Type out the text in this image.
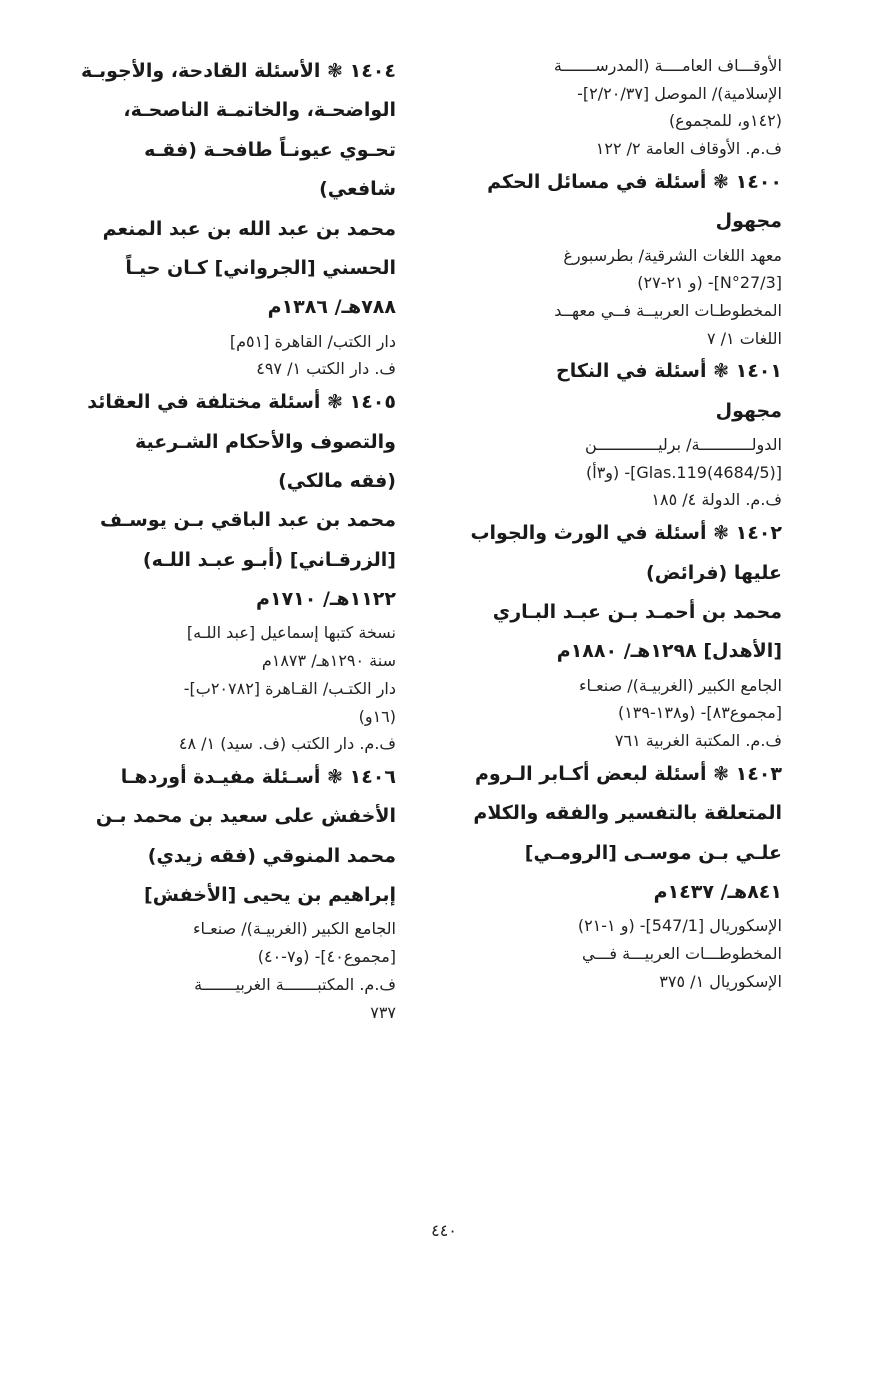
الأوقـــاف العامــــة (المدرســـــــة
الإسلامية)/ الموصل [٢/٢٠/٣٧]-
(١٤٢و، للمجموع)
ف.م. الأوقاف العامة ٢/ ١٢٢
١٤٠٠ ❃ أسئلة في مسائل الحكم
مجهول
معهد اللغات الشرقية/ بطرسبورغ
[N°27/3]- (و ٢١-٢٧)
المخطوطـات العربيــة فــي معهــد
اللغات ١/ ٧
١٤٠١ ❃ أسئلة في النكاح
مجهول
الدولـــــــــــة/ برليـــــــــــــن
[Glas.119(4684/5)]- (و٣أ)
ف.م. الدولة ٤/ ١٨٥
١٤٠٢ ❃ أسئلة في الورث والجواب
عليها (فرائض)
محمد بن أحمـد بـن عبـد البـاري
[الأهدل] ١٢٩٨هـ/ ١٨٨٠م
الجامع الكبير (الغربيـة)/ صنعـاء
[مجموع٨٣]- (و١٣٨-١٣٩)
ف.م. المكتبة الغربية ٧٦١
١٤٠٣ ❃ أسئلة لبعض أكـابر الـروم
المتعلقة بالتفسير والفقه والكلام
علـي بـن موسـى [الرومـي]
٨٤١هـ/ ١٤٣٧م
الإسكوريال [547/1]- (و ١-٢١)
المخطوطـــات العربيـــة فـــي
الإسكوريال ١/ ٣٧٥
١٤٠٤ ❃ الأسئلة القادحة، والأجوبـة
الواضحـة، والخاتمـة الناصحـة،
تحـوي عيونـاً طافحـة (فقـه
شافعي)
محمد بن عبد الله بن عبد المنعم
الحسني [الجرواني] كـان حيـاً
٧٨٨هـ/ ١٣٨٦م
دار الكتب/ القاهرة [٥١م]
ف. دار الكتب ١/ ٤٩٧
١٤٠٥ ❃ أسئلة مختلفة في العقائد
والتصوف والأحكام الشـرعية
(فقه مالكي)
محمد بن عبد الباقي بـن يوسـف
[الزرقـاني] (أبـو عبـد اللـه)
١١٢٢هـ/ ١٧١٠م
نسخة كتبها إسماعيل [عبد اللـه]
سنة ١٢٩٠هـ/ ١٨٧٣م
دار الكتـب/ القـاهرة [٢٠٧٨٢ب]-
(١٦و)
ف.م. دار الكتب (ف. سيد) ١/ ٤٨
١٤٠٦ ❃ أسـئلة مفيـدة أوردهـا
الأخفش على سعيد بن محمد بـن
محمد المنوقي (فقه زيدي)
إبراهيم بن يحيى [الأخفش]
الجامع الكبير (الغربيـة)/ صنعـاء
[مجموع٤٠]- (و٧-٤٠)
ف.م. المكتبـــــــة الغربيـــــــة
٧٣٧
٤٤٠
